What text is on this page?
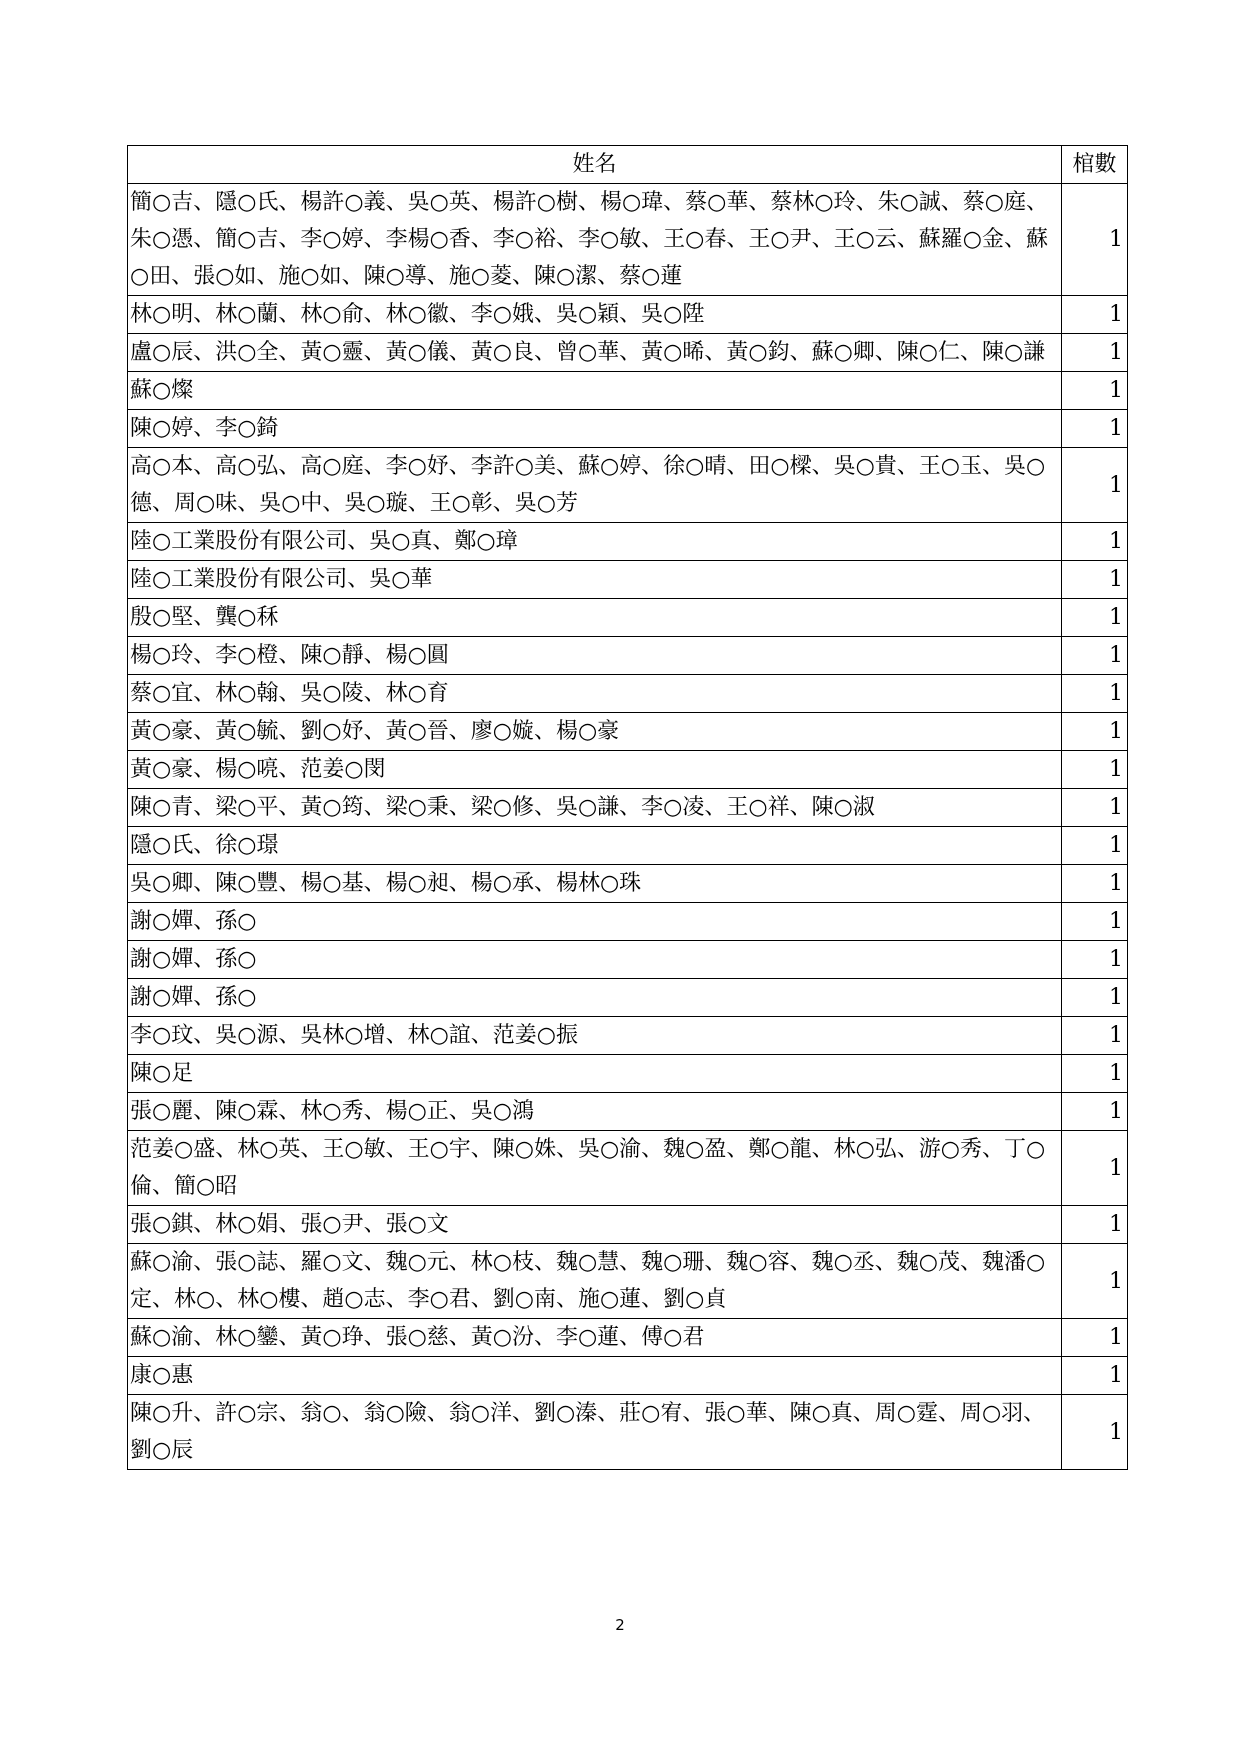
姓名	棺數
簡○吉、隱○氏、楊許○義、吳○英、楊許○樹、楊○瑋、蔡○華、蔡林○玲、朱○誠、蔡○庭、朱○憑、簡○吉、李○婷、李楊○香、李○裕、李○敏、王○春、王○尹、王○云、蘇羅○金、蘇○田、張○如、施○如、陳○導、施○菱、陳○潔、蔡○蓮	1
林○明、林○蘭、林○俞、林○徽、李○娥、吳○穎、吳○陞	1
盧○辰、洪○全、黃○靈、黃○儀、黃○良、曾○華、黃○晞、黃○鈞、蘇○卿、陳○仁、陳○謙	1
蘇○燦	1
陳○婷、李○錡	1
高○本、高○弘、高○庭、李○妤、李許○美、蘇○婷、徐○晴、田○樑、吳○貴、王○玉、吳○德、周○味、吳○中、吳○璇、王○彰、吳○芳	1
陸○工業股份有限公司、吳○真、鄭○璋	1
陸○工業股份有限公司、吳○華	1
殷○堅、龔○秝	1
楊○玲、李○橙、陳○靜、楊○圓	1
蔡○宜、林○翰、吳○陵、林○育	1
黃○豪、黃○毓、劉○妤、黃○晉、廖○嫙、楊○豪	1
黃○豪、楊○喨、范姜○閔	1
陳○青、梁○平、黃○筠、梁○秉、梁○修、吳○謙、李○凌、王○祥、陳○淑	1
隱○氏、徐○璟	1
吳○卿、陳○豐、楊○基、楊○昶、楊○承、楊林○珠	1
謝○嬋、孫○	1
謝○嬋、孫○	1
謝○嬋、孫○	1
李○玟、吳○源、吳林○增、林○誼、范姜○振	1
陳○足	1
張○麗、陳○霖、林○秀、楊○正、吳○鴻	1
范姜○盛、林○英、王○敏、王○宇、陳○姝、吳○渝、魏○盈、鄭○龍、林○弘、游○秀、丁○倫、簡○昭	1
張○錤、林○娟、張○尹、張○文	1
蘇○渝、張○誌、羅○文、魏○元、林○枝、魏○慧、魏○珊、魏○容、魏○丞、魏○茂、魏潘○定、林○、林○樓、趙○志、李○君、劉○南、施○蓮、劉○貞	1
蘇○渝、林○鑾、黃○琤、張○慈、黃○汾、李○蓮、傅○君	1
康○惠	1
陳○升、許○宗、翁○、翁○險、翁○洋、劉○溱、莊○宥、張○華、陳○真、周○霆、周○羽、劉○辰	1
2
